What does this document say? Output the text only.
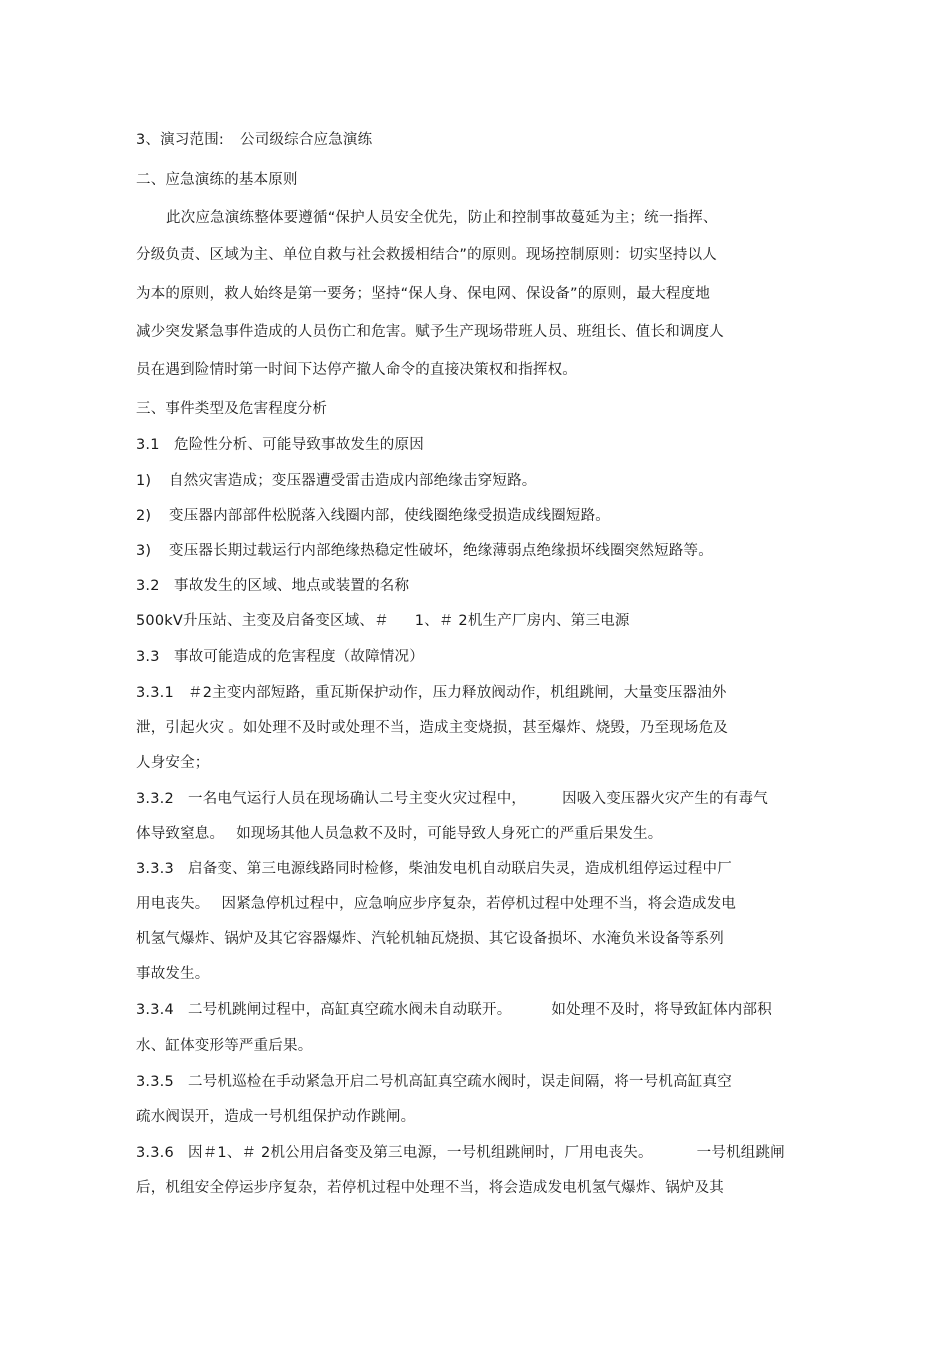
3、演习范围: 公司级综合应急演练
二、应急演练的基本原则
此次应急演练整体要遵循“保护人员安全优先，防止和控制事故蔓延为主；统一指挥、
分级负责、区域为主、单位自救与社会救援相结合”的原则。现场控制原则：切实坚持以人
为本的原则，救人始终是第一要务；坚持“保人身、保电网、保设备”的原则，最大程度地
减少突发紧急事件造成的人员伤亡和危害。赋予生产现场带班人员、班组长、值长和调度人
员在遇到险情时第一时间下达停产撤人命令的直接决策权和指挥权。
三、事件类型及危害程度分析
3.1 危险性分析、可能导致事故发生的原因
1) 自然灾害造成；变压器遭受雷击造成内部绝缘击穿短路。
2) 变压器内部部件松脱落入线圈内部，使线圈绝缘受损造成线圈短路。
3) 变压器长期过载运行内部绝缘热稳定性破坏，绝缘薄弱点绝缘损坏线圈突然短路等。
3.2 事故发生的区域、地点或装置的名称
500kV升压站、主变及启备变区域、＃ 1、＃ 2机生产厂房内、第三电源
3.3 事故可能造成的危害程度（故障情况）
3.3.1 ＃2主变内部短路，重瓦斯保护动作，压力释放阀动作，机组跳闸，大量变压器油外
泄，引起火灾 。如处理不及时或处理不当，造成主变烧损，甚至爆炸、烧毁，乃至现场危及
人身安全；
3.3.2 一名电气运行人员在现场确认二号主变火灾过程中， 因吸入变压器火灾产生的有毒气
体导致窒息。 如现场其他人员急救不及时，可能导致人身死亡的严重后果发生。
3.3.3 启备变、第三电源线路同时检修，柴油发电机自动联启失灵，造成机组停运过程中厂
用电丧失。 因紧急停机过程中，应急响应步序复杂，若停机过程中处理不当，将会造成发电
机氢气爆炸、锅炉及其它容器爆炸、汽轮机轴瓦烧损、其它设备损坏、水淹负米设备等系列
事故发生。
3.3.4 二号机跳闸过程中，高缸真空疏水阀未自动联开。	如处理不及时，将导致缸体内部积
水、缸体变形等严重后果。
3.3.5 二号机巡检在手动紧急开启二号机高缸真空疏水阀时，误走间隔，将一号机高缸真空
疏水阀误开，造成一号机组保护动作跳闸。
3.3.6 因＃1、＃ 2机公用启备变及第三电源，一号机组跳闸时，厂用电丧失。	一号机组跳闸
后，机组安全停运步序复杂，若停机过程中处理不当，将会造成发电机氢气爆炸、锅炉及其
